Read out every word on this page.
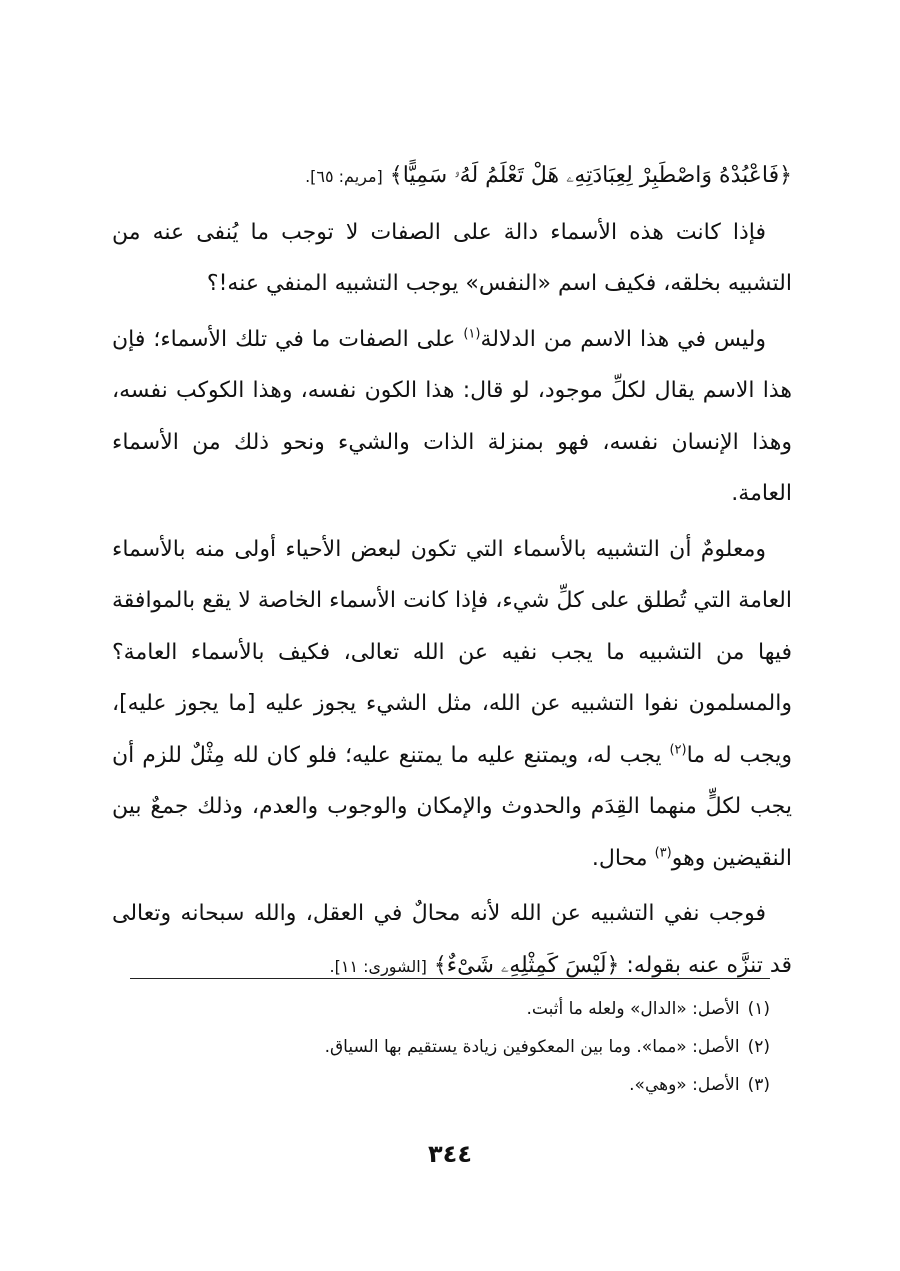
﴿فَاعْبُدْهُ وَاصْطَبِرْ لِعِبَادَتِهِۦ هَلْ تَعْلَمُ لَهُۥ سَمِيًّا﴾ [مريم: ٦٥].

فإذا كانت هذه الأسماء دالة على الصفات لا توجب ما يُنفى عنه من التشبيه بخلقه، فكيف اسم «النفس» يوجب التشبيه المنفي عنه!؟

وليس في هذا الاسم من الدلالة$^{(١)}$ على الصفات ما في تلك الأسماء؛ فإن هذا الاسم يقال لكلِّ موجود، لو قال: هذا الكون نفسه، وهذا الكوكب نفسه، وهذا الإنسان نفسه، فهو بمنزلة الذات والشيء ونحو ذلك من الأسماء العامة.

ومعلومٌ أن التشبيه بالأسماء التي تكون لبعض الأحياء أولى منه بالأسماء العامة التي تُطلق على كلِّ شيء، فإذا كانت الأسماء الخاصة لا يقع بالموافقة فيها من التشبيه ما يجب نفيه عن الله تعالى، فكيف بالأسماء العامة؟ والمسلمون نفوا التشبيه عن الله، مثل الشيء يجوز عليه [ما يجوز عليه]، ويجب له ما$^{(٢)}$ يجب له، ويمتنع عليه ما يمتنع عليه؛ فلو كان لله مِثْلٌ للزم أن يجب لكلٍّ منهما القِدَم والحدوث والإمكان والوجوب والعدم، وذلك جمعٌ بين النقيضين وهو$^{(٣)}$ محال.

فوجب نفي التشبيه عن الله لأنه محالٌ في العقل، والله سبحانه وتعالى قد تنزَّه عنه بقوله: ﴿لَيْسَ كَمِثْلِهِۦ شَىْءٌ﴾ [الشورى: ١١].

(١)الأصل: «الدال» ولعله ما أثبت.

(٢)الأصل: «مما». وما بين المعكوفين زيادة يستقيم بها السياق.

(٣)الأصل: «وهي».

٣٤٤
